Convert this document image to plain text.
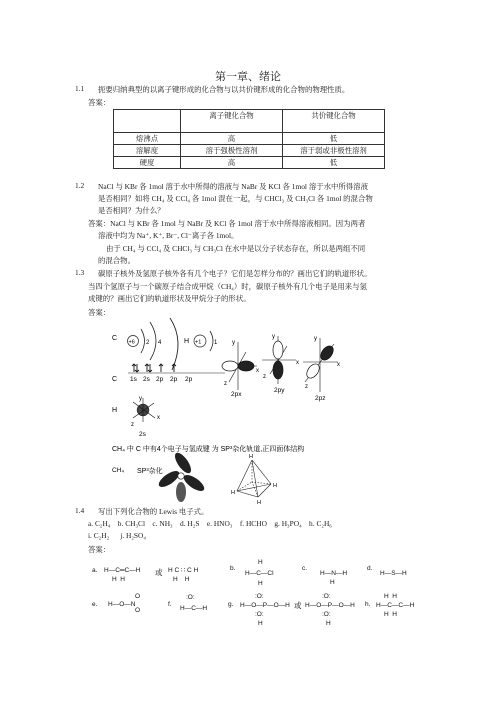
第一章、绪论
1.1 扼要归纳典型的以离子键形成的化合物与以共价键形成的化合物的物理性质。
答案：
	离子键化合物	共价键化合物
熔沸点	高	低
溶解度	溶于强极性溶剂	溶于弱或非极性溶剂
硬度	高	低
1.2 NaCl 与 KBr 各 1mol 溶于水中所得的溶液与 NaBr 及 KCl 各 1mol 溶于水中所得溶液
是否相同？如将 CH₄ 及 CCl₄ 各 1mol 混在一起，与 CHCl₃ 及 CH₃Cl 各 1mol 的混合物
是否相同？为什么？
答案：NaCl 与 KBr 各 1mol 与 NaBr 及 KCl 各 1mol 溶于水中所得溶液相同。因为两者
溶液中均为 Na⁺, K⁺, Br⁻, Cl⁻离子各 1mol。
由于 CH₄ 与 CCl₄ 及 CHCl₃ 与 CH₃Cl 在水中是以分子状态存在，所以是两组不同
的混合物。
1.3 碳原子核外及氢原子核外各有几个电子？它们是怎样分布的？画出它们的轨道形状。
当四个氢原子与一个碳原子结合成甲烷（CH₄）时，碳原子核外有几个电子是用来与氢
成键的？画出它们的轨道形状及甲烷分子的形状。
答案：
C
+6 2 4	H +1 1
C 1s 2s 2p 2p 2p
H
y
x
z
2s
y
x
z
2px
y
x
z
2py
y
x
z
2pz
CH₄ 中 C 中有4个电子与氢成键 为 SP³杂化轨道,正四面体结构
CH₄ SP³杂化
H
H
H
H
1.4 写出下列化合物的 Lewis 电子式。
a. C₂H₄ b. CH₃Cl c. NH₃ d. H₂S e. HNO₃ f. HCHO g. H₃PO₄ h. C₂H₆
i. C₂H₂ j. H₂SO₄
答案：
a. H—C═C—H
H  H
或 H C ∷ C H
H    H
b.
H
H—C—Cl
H
c.
H—N—H
H
d.
H—S—H
e. H—O—N
O
O
f.
:O:
H—C—H
g.
:O:
H—O—P—O—H
:O:
H
或
:O:
H—O—P—O—H
:O:
H
h.
H  H
H—C—C—H
H  H
